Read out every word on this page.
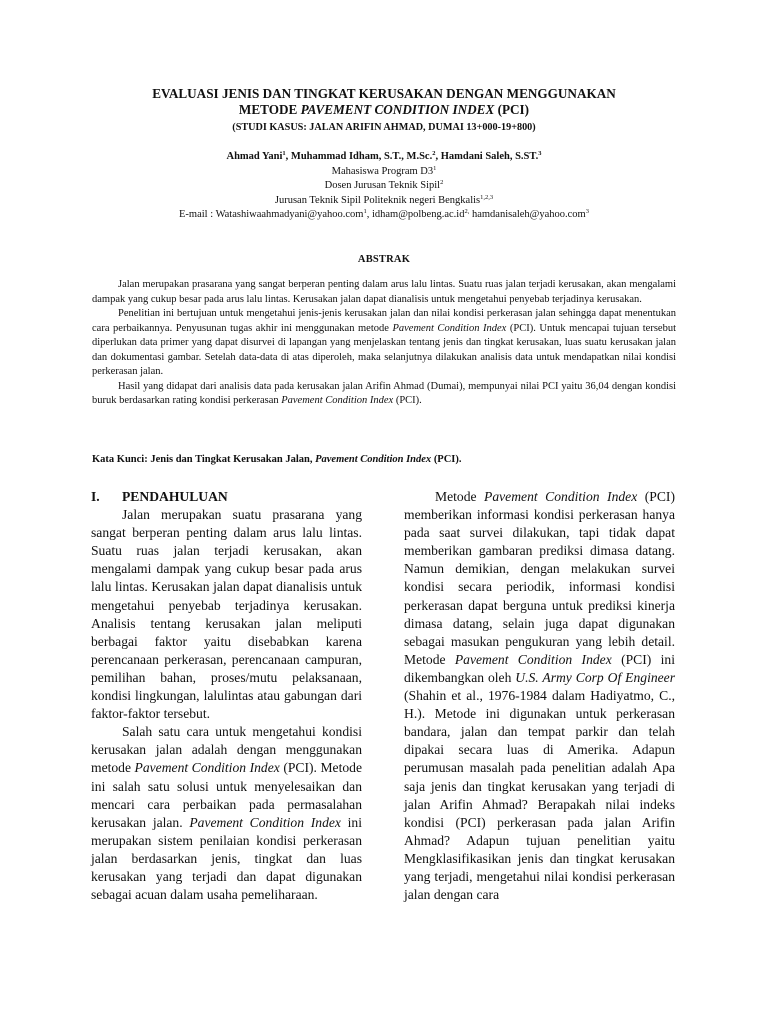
EVALUASI JENIS DAN TINGKAT KERUSAKAN DENGAN MENGGUNAKAN
METODE PAVEMENT CONDITION INDEX (PCI)
(STUDI KASUS: JALAN ARIFIN AHMAD, DUMAI 13+000-19+800)
Ahmad Yani$^1$, Muhammad Idham, S.T., M.Sc.$^2$, Hamdani Saleh, S.ST.$^3$
Mahasiswa Program $D3^1$
Dosen Jurusan Teknik Sipil$^2$
Jurusan Teknik Sipil Politeknik negeri Bengkalis$^{1,2,3}$
E-mail : Watashiwaahmadyani@yahoo.com$^1$, $idham@polbeng.ac.id^{2,}$ hamdanisaleh@yahoo.com$^3$
ABSTRAK

Jalan merupakan prasarana yang sangat berperan penting dalam arus lalu lintas. Suatu ruas jalan terjadi kerusakan, akan mengalami dampak yang cukup besar pada arus lalu lintas. Kerusakan jalan dapat dianalisis untuk mengetahui penyebab terjadinya kerusakan.

Penelitian ini bertujuan untuk mengetahui jenis-jenis kerusakan jalan dan nilai kondisi perkerasan jalan sehingga dapat menentukan cara perbaikannya. Penyusunan tugas akhir ini menggunakan metode Pavement Condition Index (PCI). Untuk mencapai tujuan tersebut diperlukan data primer yang dapat disurvei di lapangan yang menjelaskan tentang jenis dan tingkat kerusakan, luas suatu kerusakan jalan dan dokumentasi gambar. Setelah data-data di atas diperoleh, maka selanjutnya dilakukan analisis data untuk mendapatkan nilai kondisi perkerasan jalan.

Hasil yang didapat dari analisis data pada kerusakan jalan Arifin Ahmad (Dumai), mempunyai nilai PCI yaitu 36,04 dengan kondisi buruk berdasarkan rating kondisi perkerasan Pavement Condition Index (PCI).

Kata Kunci: Jenis dan Tingkat Kerusakan Jalan, Pavement Condition Index (PCI).
I. PENDAHULUAN

Jalan merupakan suatu prasarana yang sangat berperan penting dalam arus lalu lintas. Suatu ruas jalan terjadi kerusakan, akan mengalami dampak yang cukup besar pada arus lalu lintas. Kerusakan jalan dapat dianalisis untuk mengetahui penyebab terjadinya kerusakan. Analisis tentang kerusakan jalan meliputi berbagai faktor yaitu disebabkan karena perencanaan perkerasan, perencanaan campuran, pemilihan bahan, proses/mutu pelaksanaan, kondisi lingkungan, lalulintas atau gabungan dari faktor-faktor tersebut.

Salah satu cara untuk mengetahui kondisi kerusakan jalan adalah dengan menggunakan metode Pavement Condition Index (PCI). Metode ini salah satu solusi untuk menyelesaikan dan mencari cara perbaikan pada permasalahan kerusakan jalan. Pavement Condition Index ini merupakan sistem penilaian kondisi perkerasan jalan berdasarkan jenis, tingkat dan luas kerusakan yang terjadi dan dapat digunakan sebagai acuan dalam usaha pemeliharaan.

Metode Pavement Condition Index (PCI) memberikan informasi kondisi perkerasan hanya pada saat survei dilakukan, tapi tidak dapat memberikan gambaran prediksi dimasa datang. Namun demikian, dengan melakukan survei kondisi secara periodik, informasi kondisi perkerasan dapat berguna untuk prediksi kinerja dimasa datang, selain juga dapat digunakan sebagai masukan pengukuran yang lebih detail. Metode Pavement Condition Index (PCI) ini dikembangkan oleh U.S. Army Corp Of Engineer (Shahin et al., 1976-1984 dalam Hadiyatmo, C., H.). Metode ini digunakan untuk perkerasan bandara, jalan dan tempat parkir dan telah dipakai secara luas di Amerika. Adapun perumusan masalah pada penelitian adalah Apa saja jenis dan tingkat kerusakan yang terjadi di jalan Arifin Ahmad? Berapakah nilai indeks kondisi (PCI) perkerasan pada jalan Arifin Ahmad? Adapun tujuan penelitian yaitu Mengklasifikasikan jenis dan tingkat kerusakan yang terjadi, mengetahui nilai kondisi perkerasan jalan dengan cara
